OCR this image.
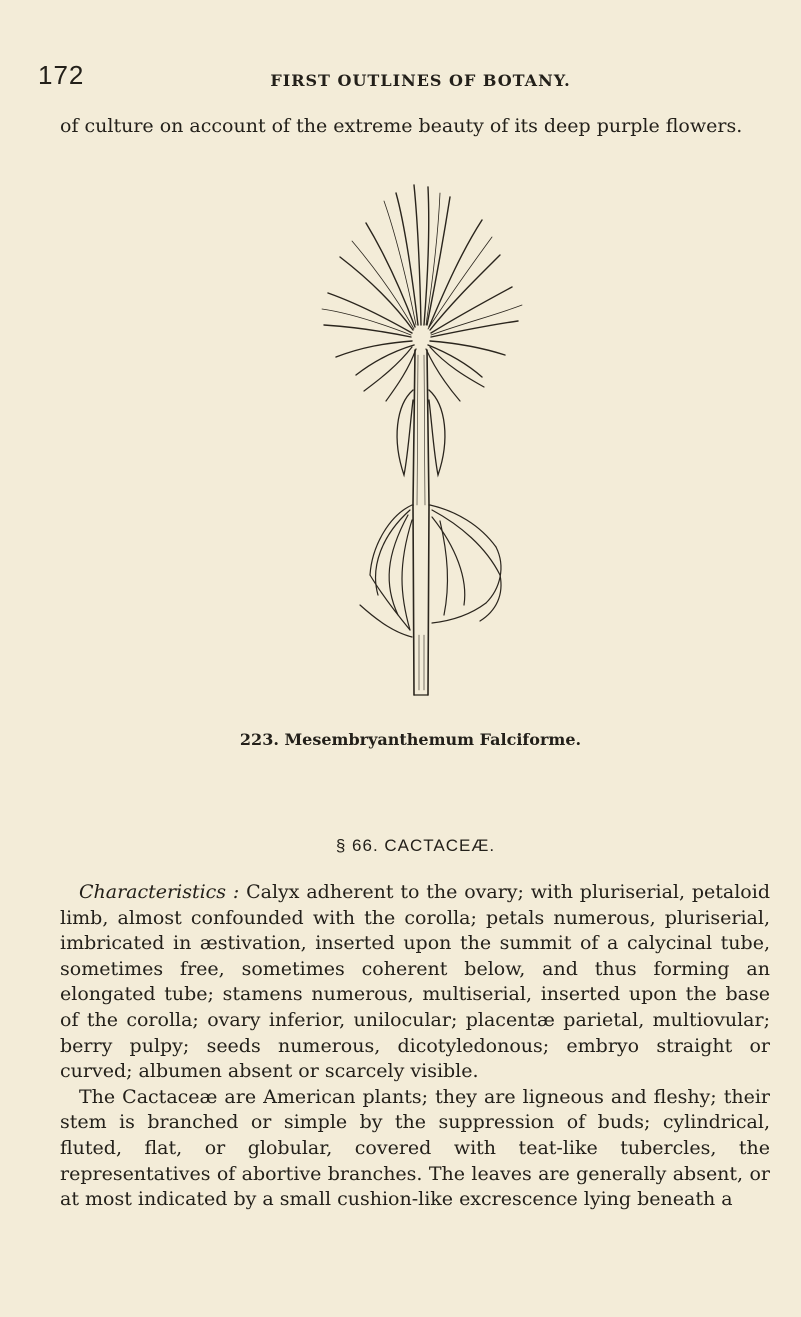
172	FIRST OUTLINES OF BOTANY.

of culture on account of the extreme beauty of its deep purple flowers.

223. Mesembryanthemum Falciforme.
§ 66. CACTACEÆ.

Characteristics : Calyx adherent to the ovary; with pluriserial, petaloid limb, almost confounded with the corolla; petals numerous, pluriserial, imbricated in æstivation, inserted upon the summit of a calycinal tube, sometimes free, sometimes coherent below, and thus forming an elongated tube; stamens numerous, multiserial, inserted upon the base of the corolla; ovary inferior, unilocular; placentæ parietal, multiovular; berry pulpy; seeds numerous, dicotyledonous; embryo straight or curved; albumen absent or scarcely visible.

The Cactaceæ are American plants; they are ligneous and fleshy; their stem is branched or simple by the suppression of buds; cylindrical, fluted, flat, or globular, covered with teat-like tubercles, the representatives of abortive branches. The leaves are generally absent, or at most indicated by a small cushion-like excrescence lying beneath a
